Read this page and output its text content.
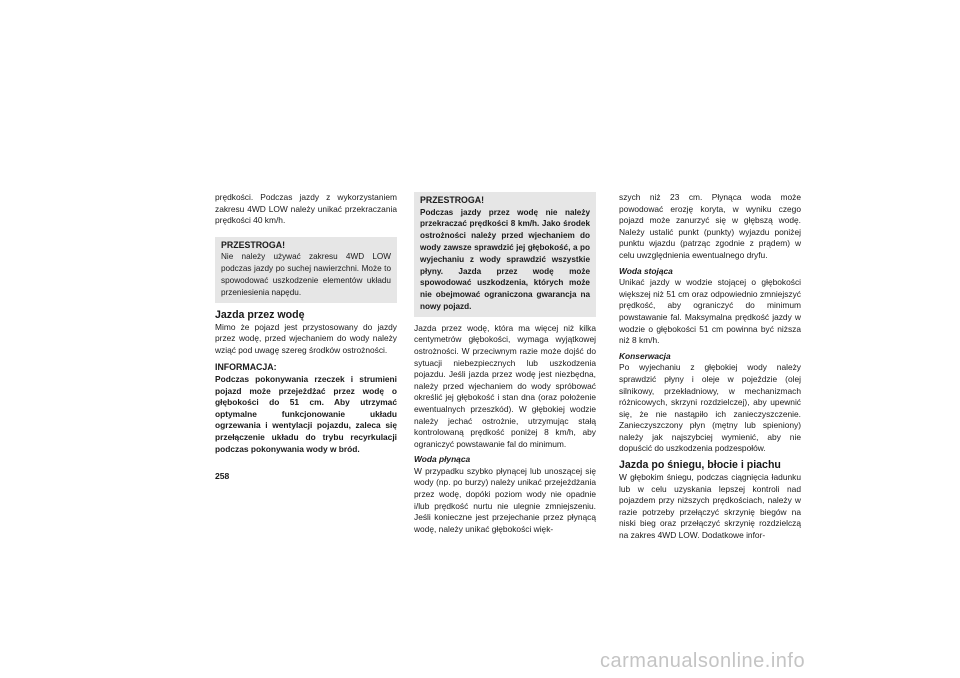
prędkości. Podczas jazdy z wykorzystaniem zakresu 4WD LOW należy unikać przekraczania prędkości 40 km/h.

PRZESTROGA!
Nie należy używać zakresu 4WD LOW podczas jazdy po suchej nawierzchni. Może to spowodować uszkodzenie elementów układu przeniesienia napędu.
Jazda przez wodę

Mimo że pojazd jest przystosowany do jazdy przez wodę, przed wjechaniem do wody należy wziąć pod uwagę szereg środków ostrożności.

INFORMACJA:

Podczas pokonywania rzeczek i strumieni pojazd może przejeżdżać przez wodę o głębokości do 51 cm. Aby utrzymać optymalne funkcjonowanie układu ogrzewania i wentylacji pojazdu, zaleca się przełączenie układu do trybu recyrkulacji podczas pokonywania wody w bród.

PRZESTROGA!
Podczas jazdy przez wodę nie należy przekraczać prędkości 8 km/h. Jako środek ostrożności należy przed wjechaniem do wody zawsze sprawdzić jej głębokość, a po wyjechaniu z wody sprawdzić wszystkie płyny. Jazda przez wodę może spowodować uszkodzenia, których może nie obejmować ograniczona gwarancja na nowy pojazd.

Jazda przez wodę, która ma więcej niż kilka centymetrów głębokości, wymaga wyjątkowej ostrożności. W przeciwnym razie może dojść do sytuacji niebezpiecznych lub uszkodzenia pojazdu. Jeśli jazda przez wodę jest niezbędna, należy przed wjechaniem do wody spróbować określić jej głębokość i stan dna (oraz położenie ewentualnych przeszkód). W głębokiej wodzie należy jechać ostrożnie, utrzymując stałą kontrolowaną prędkość poniżej 8 km/h, aby ograniczyć powstawanie fal do minimum.

Woda płynąca

W przypadku szybko płynącej lub unoszącej się wody (np. po burzy) należy unikać przejeżdżania przez wodę, dopóki poziom wody nie opadnie i/lub prędkość nurtu nie ulegnie zmniejszeniu. Jeśli konieczne jest przejechanie przez płynącą wodę, należy unikać głębokości więk-

szych niż 23 cm. Płynąca woda może powodować erozję koryta, w wyniku czego pojazd może zanurzyć się w głębszą wodę. Należy ustalić punkt (punkty) wyjazdu poniżej punktu wjazdu (patrząc zgodnie z prądem) w celu uwzględnienia ewentualnego dryfu.

Woda stojąca

Unikać jazdy w wodzie stojącej o głębokości większej niż 51 cm oraz odpowiednio zmniejszyć prędkość, aby ograniczyć do minimum powstawanie fal. Maksymalna prędkość jazdy w wodzie o głębokości 51 cm powinna być niższa niż 8 km/h.

Konserwacja

Po wyjechaniu z głębokiej wody należy sprawdzić płyny i oleje w pojeździe (olej silnikowy, przekładniowy, w mechanizmach różnicowych, skrzyni rozdzielczej), aby upewnić się, że nie nastąpiło ich zanieczyszczenie. Zanieczyszczony płyn (mętny lub spieniony) należy jak najszybciej wymienić, aby nie dopuścić do uszkodzenia podzespołów.

Jazda po śniegu, błocie i piachu

W głębokim śniegu, podczas ciągnięcia ładunku lub w celu uzyskania lepszej kontroli nad pojazdem przy niższych prędkościach, należy w razie potrzeby przełączyć skrzynię biegów na niski bieg oraz przełączyć skrzynię rozdzielczą na zakres 4WD LOW. Dodatkowe infor-

258
carmanualsonline.info
